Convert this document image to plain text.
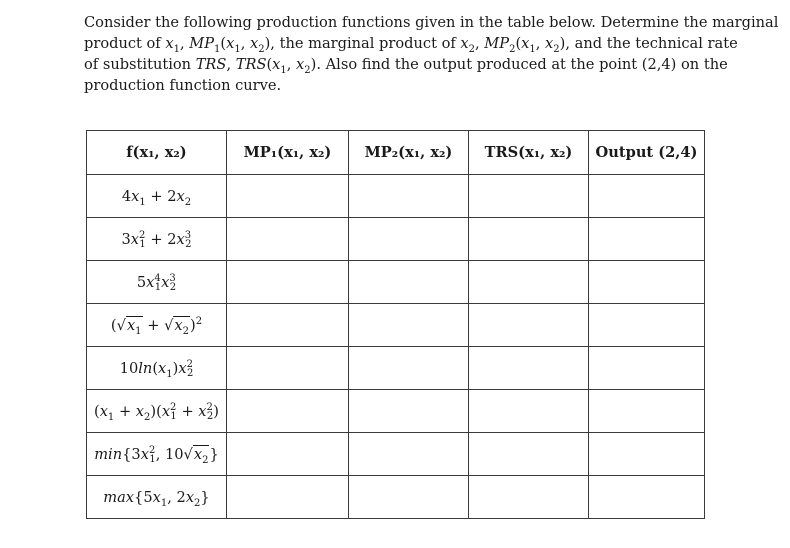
Consider the following production functions given in the table below. Determine the marginal
product of $x_1$, $MP_1(x_1$, $x_2$), the marginal product of $x_2$, $MP_2(x_1$, $x_2$), and the technical rate
of substitution TRS, $TRS(x_1$, $x_2$). Also find the output produced at the point (2,4) on the
production function curve.
f(x₁, x₂)	MP₁(x₁, x₂)	MP₂(x₁, x₂)	TRS(x₁, x₂)	Output (2,4)
$4x_1 + 2x_2$				
$3x^2_1 + 2x^3_2$				
$5x^4_1x^3_2$				
$(√x_1 + √x_2)^2$				
$10\ln(x_1)x^2_2$				
$(x_1 + x_2)(x^2_1 + x^2_2)$				
$\min\{3x^2_1$, $10√x_2$}				
$\max\{5x_1$, $2x_2$}				
